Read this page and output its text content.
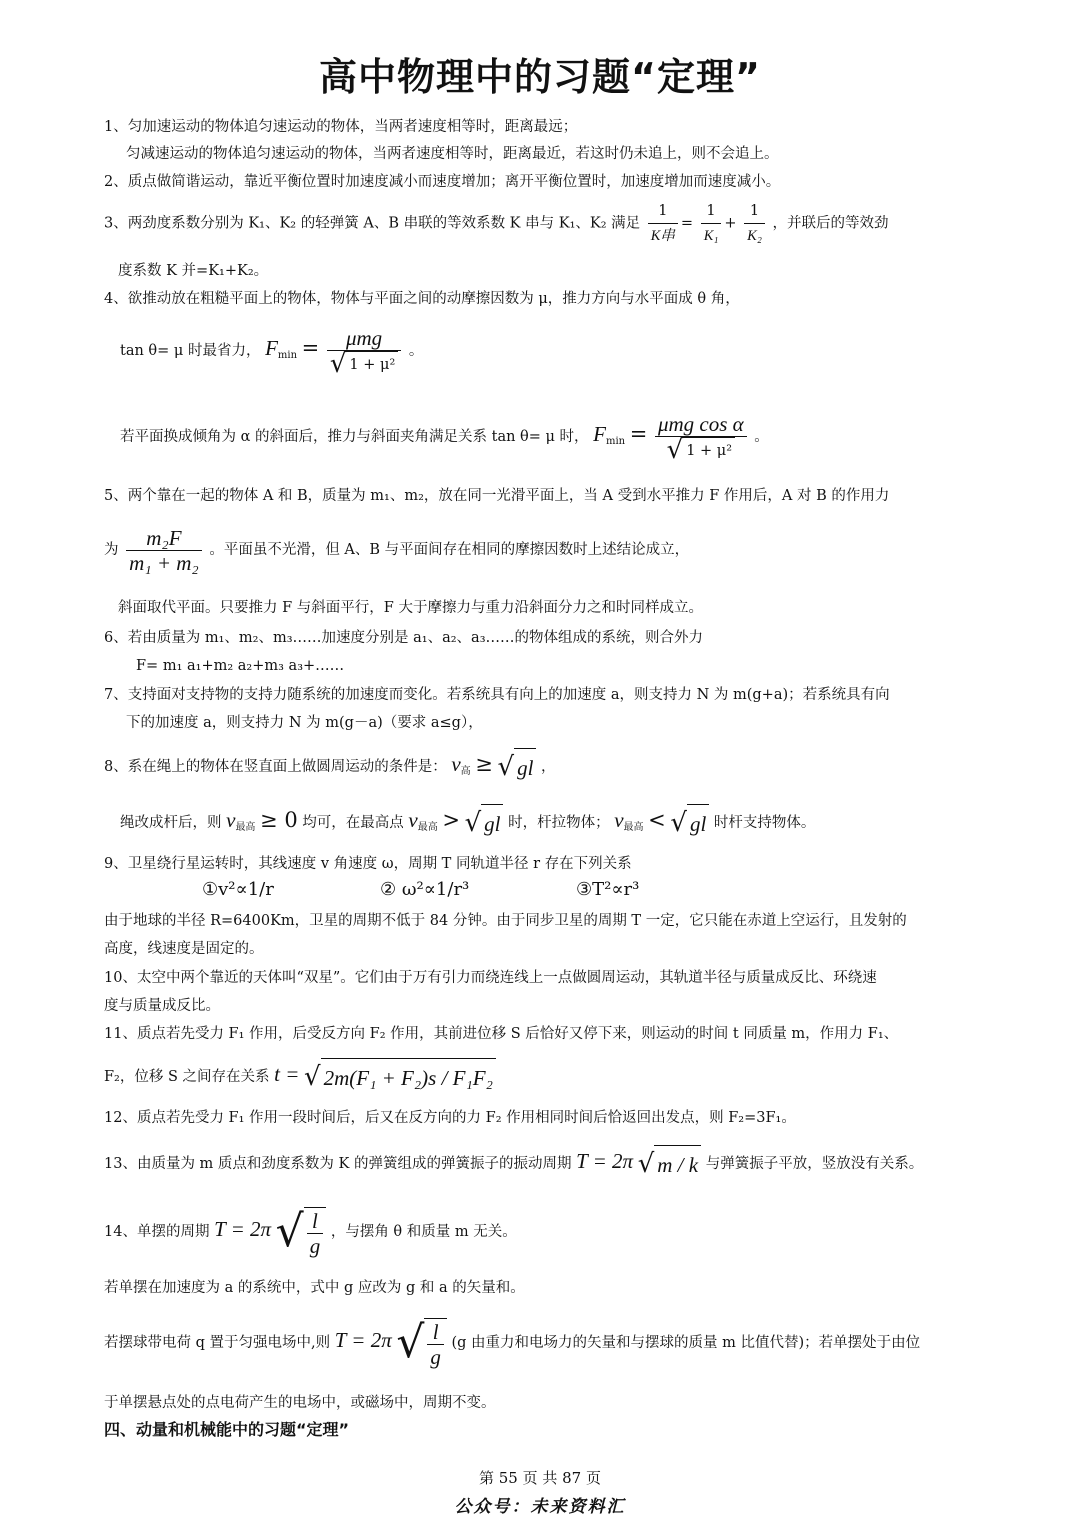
高中物理中的习题“定理”
1、匀加速运动的物体追匀速运动的物体，当两者速度相等时，距离最远；
匀减速运动的物体追匀速运动的物体，当两者速度相等时，距离最近，若这时仍未追上，则不会追上。
2、质点做简谐运动，靠近平衡位置时加速度减小而速度增加；离开平衡位置时，加速度增加而速度减小。
3、两劲度系数分别为 K₁、K₂ 的轻弹簧 A、B 串联的等效系数 K 串与 K₁、K₂ 满足 $\frac{1}{\text{K串}} = \frac{1}{\text{K₁}} + \frac{1}{\text{K₂}}$ ，并联后的等效劲
度系数 K 并=K₁+K₂。
4、欲推动放在粗糙平面上的物体，物体与平面之间的动摩擦因数为 μ，推力方向与水平面成 θ 角，
tan θ= μ 时最省力， $F_{min} = \frac{\text{μmg}}{\text{√ 1 + μ²}}$ 。
若平面换成倾角为 α 的斜面后，推力与斜面夹角满足关系 tan θ= μ 时， $F_{min} = \frac{\text{μmg cos α}}{\text{√ 1 + μ²}}$ 。
5、两个靠在一起的物体 A 和 B，质量为 m₁、m₂，放在同一光滑平面上，当 A 受到水平推力 F 作用后，A 对 B 的作用力
为 $\frac{\text{m₂F}}{\text{m₁ + m₂}}$ 。平面虽不光滑，但 A、B 与平面间存在相同的摩擦因数时上述结论成立，
斜面取代平面。只要推力 F 与斜面平行，F 大于摩擦力与重力沿斜面分力之和时同样成立。
6、若由质量为 m₁、m₂、m₃……加速度分别是 a₁、a₂、a₃……的物体组成的系统，则合外力
F= m₁ a₁+m₂ a₂+m₃ a₃+……
7、支持面对支持物的支持力随系统的加速度而变化。若系统具有向上的加速度 a，则支持力 N 为 m(g+a)；若系统具有向
下的加速度 a，则支持力 N 为 m(g－a)（要求 a≤g），
8、系在绳上的物体在竖直面上做圆周运动的条件是： $v_高$ ≥ √ gl ，
绳改成杆后，则 $v_{最高} \ge 0$ 均可，在最高点 $v_{最高}$ > √ gl 时，杆拉物体； $v_{最高}$ < √ gl 时杆支持物体。
9、卫星绕行星运转时，其线速度 v 角速度 ω，周期 T 同轨道半径 r 存在下列关系
①v²∝1/r	② ω²∝1/r³	③T²∝r³
由于地球的半径 R=6400Km，卫星的周期不低于 84 分钟。由于同步卫星的周期 T 一定，它只能在赤道上空运行，且发射的
高度，线速度是固定的。
10、太空中两个靠近的天体叫“双星”。它们由于万有引力而绕连线上一点做圆周运动，其轨道半径与质量成反比、环绕速
度与质量成反比。
11、质点若先受力 F₁ 作用，后受反方向 F₂ 作用，其前进位移 S 后恰好又停下来，则运动的时间 t 同质量 m，作用力 F₁、
F₂，位移 S 之间存在关系 t = √ 2m(F₁ + F₂)s / F₁F₂
12、质点若先受力 F₁ 作用一段时间后，后又在反方向的力 F₂ 作用相同时间后恰返回出发点，则 F₂=3F₁。
13、由质量为 m 质点和劲度系数为 K 的弹簧组成的弹簧振子的振动周期 T = 2π √ m / k 与弹簧振子平放，竖放没有关系。
14、单摆的周期 T = 2π √ $\frac{l}{g}$ ，与摆角 θ 和质量 m 无关。
若单摆在加速度为 a 的系统中，式中 g 应改为 g 和 a 的矢量和。
若摆球带电荷 q 置于匀强电场中,则 T = 2π √ $\frac{l}{g} (g$ 由重力和电场力的矢量和与摆球的质量 m 比值代替)；若单摆处于由位
于单摆悬点处的点电荷产生的电场中，或磁场中，周期不变。
四、动量和机械能中的习题“定理”
第 55 页 共 87 页
公众号：未来资料汇
